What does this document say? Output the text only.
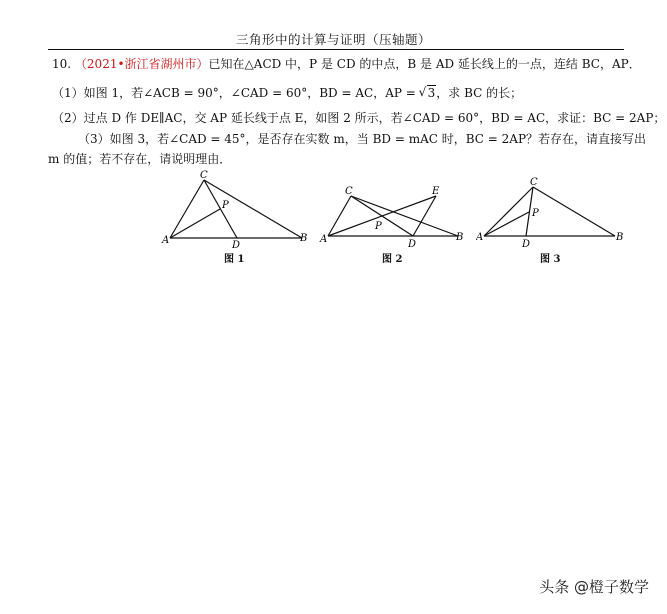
三角形中的计算与证明（压轴题）
10. （2021•浙江省湖州市）已知在△ACD 中，P 是 CD 的中点，B 是 AD 延长线上的一点，连结 BC，AP．
（1）如图 1，若∠ACB = 90°，∠CAD = 60°，BD = AC，AP = √ 3，求 BC 的长；
（2）过点 D 作 DE∥AC，交 AP 延长线于点 E，如图 2 所示，若∠CAD = 60°，BD = AC，求证：BC = 2AP；
（3）如图 3，若∠CAD = 45°，是否存在实数 m，当 BD = mAC 时，BC = 2AP？若存在，请直接写出
m 的值；若不存在，请说明理由．
C
P
A	D
B
图 1
C	E
P
A	D
B
图 2
C
P
A
D
B
图 3
头条 @橙子数学
